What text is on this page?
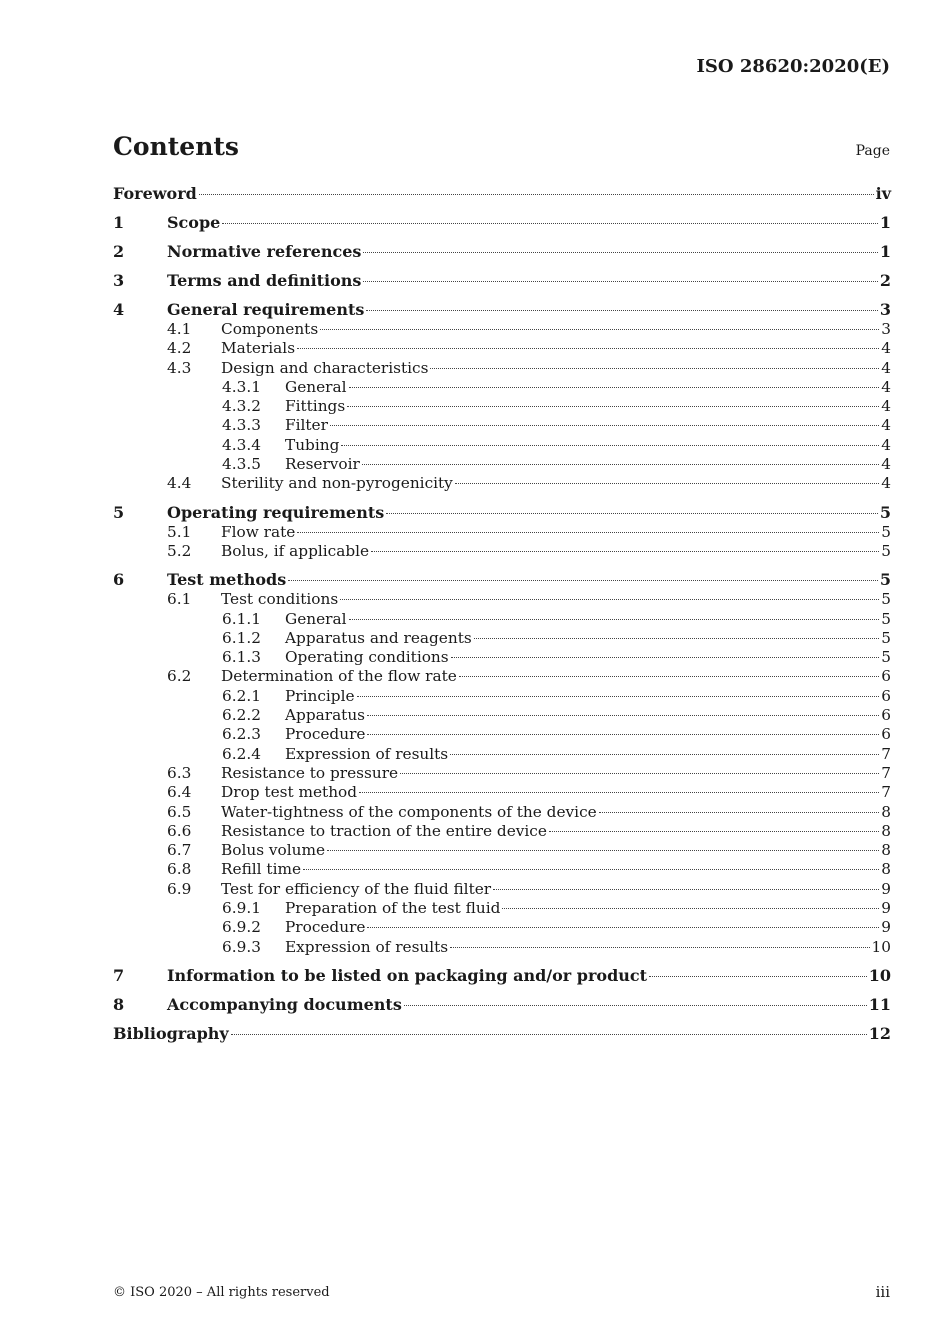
ISO 28620:2020(E)
Contents	Page
Foreword	iv
1	Scope	1
2	Normative references	1
3	Terms and definitions	2
4	General requirements	3
4.1	Components	3
4.2	Materials	4
4.3	Design and characteristics	4
4.3.1	General	4
4.3.2	Fittings	4
4.3.3	Filter	4
4.3.4	Tubing	4
4.3.5	Reservoir	4
4.4	Sterility and non-pyrogenicity	4
5	Operating requirements	5
5.1	Flow rate	5
5.2	Bolus, if applicable	5
6	Test methods	5
6.1	Test conditions	5
6.1.1	General	5
6.1.2	Apparatus and reagents	5
6.1.3	Operating conditions	5
6.2	Determination of the flow rate	6
6.2.1	Principle	6
6.2.2	Apparatus	6
6.2.3	Procedure	6
6.2.4	Expression of results	7
6.3	Resistance to pressure	7
6.4	Drop test method	7
6.5	Water-tightness of the components of the device	8
6.6	Resistance to traction of the entire device	8
6.7	Bolus volume	8
6.8	Refill time	8
6.9	Test for efficiency of the fluid filter	9
6.9.1	Preparation of the test fluid	9
6.9.2	Procedure	9
6.9.3	Expression of results	10
7	Information to be listed on packaging and/or product	10
8	Accompanying documents	11
Bibliography	12
© ISO 2020 – All rights reserved	iii
